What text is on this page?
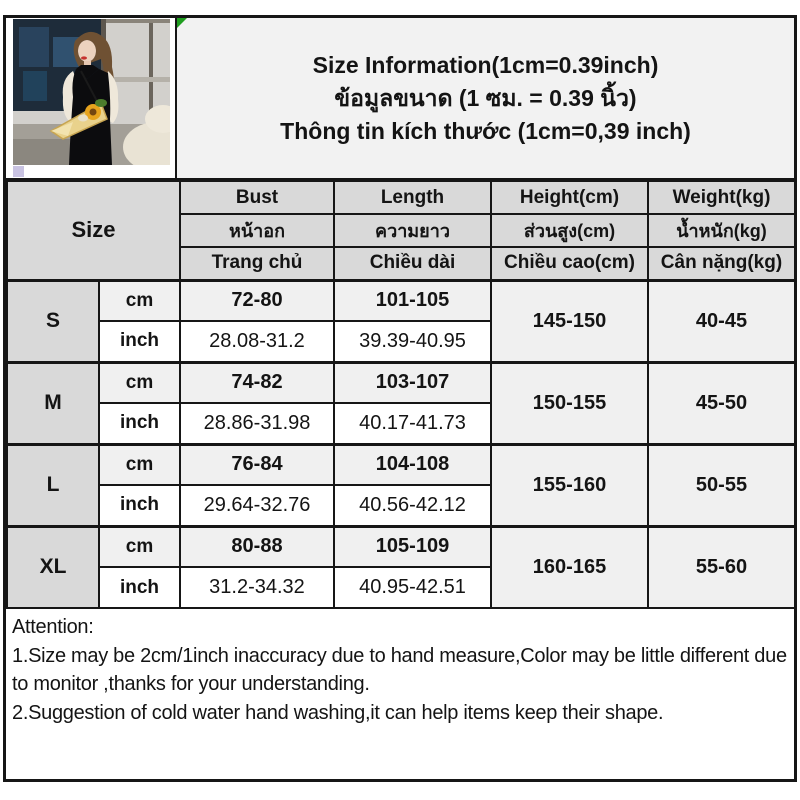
Size Information(1cm=0.39inch)
ข้อมูลขนาด (1 ซม. = 0.39 นิ้ว)
Thông tin kích thước (1cm=0,39 inch)
Size		Bust	Length	Height(cm)	Weight(kg)
		หน้าอก	ความยาว	ส่วนสูง(cm)	น้ำหนัก(kg)
		Trang chủ	Chiều dài	Chiều cao(cm)	Cân nặng(kg)
S	cm	72-80	101-105	145-150	40-45
	inch	28.08-31.2	39.39-40.95		
M	cm	74-82	103-107	150-155	45-50
	inch	28.86-31.98	40.17-41.73		
L	cm	76-84	104-108	155-160	50-55
	inch	29.64-32.76	40.56-42.12		
XL	cm	80-88	105-109	160-165	55-60
	inch	31.2-34.32	40.95-42.51		
Attention:
1.Size may be 2cm/1inch inaccuracy due to hand measure,Color may be little different due to monitor ,thanks for your understanding.
2.Suggestion of cold water hand washing,it can help items keep their shape.
